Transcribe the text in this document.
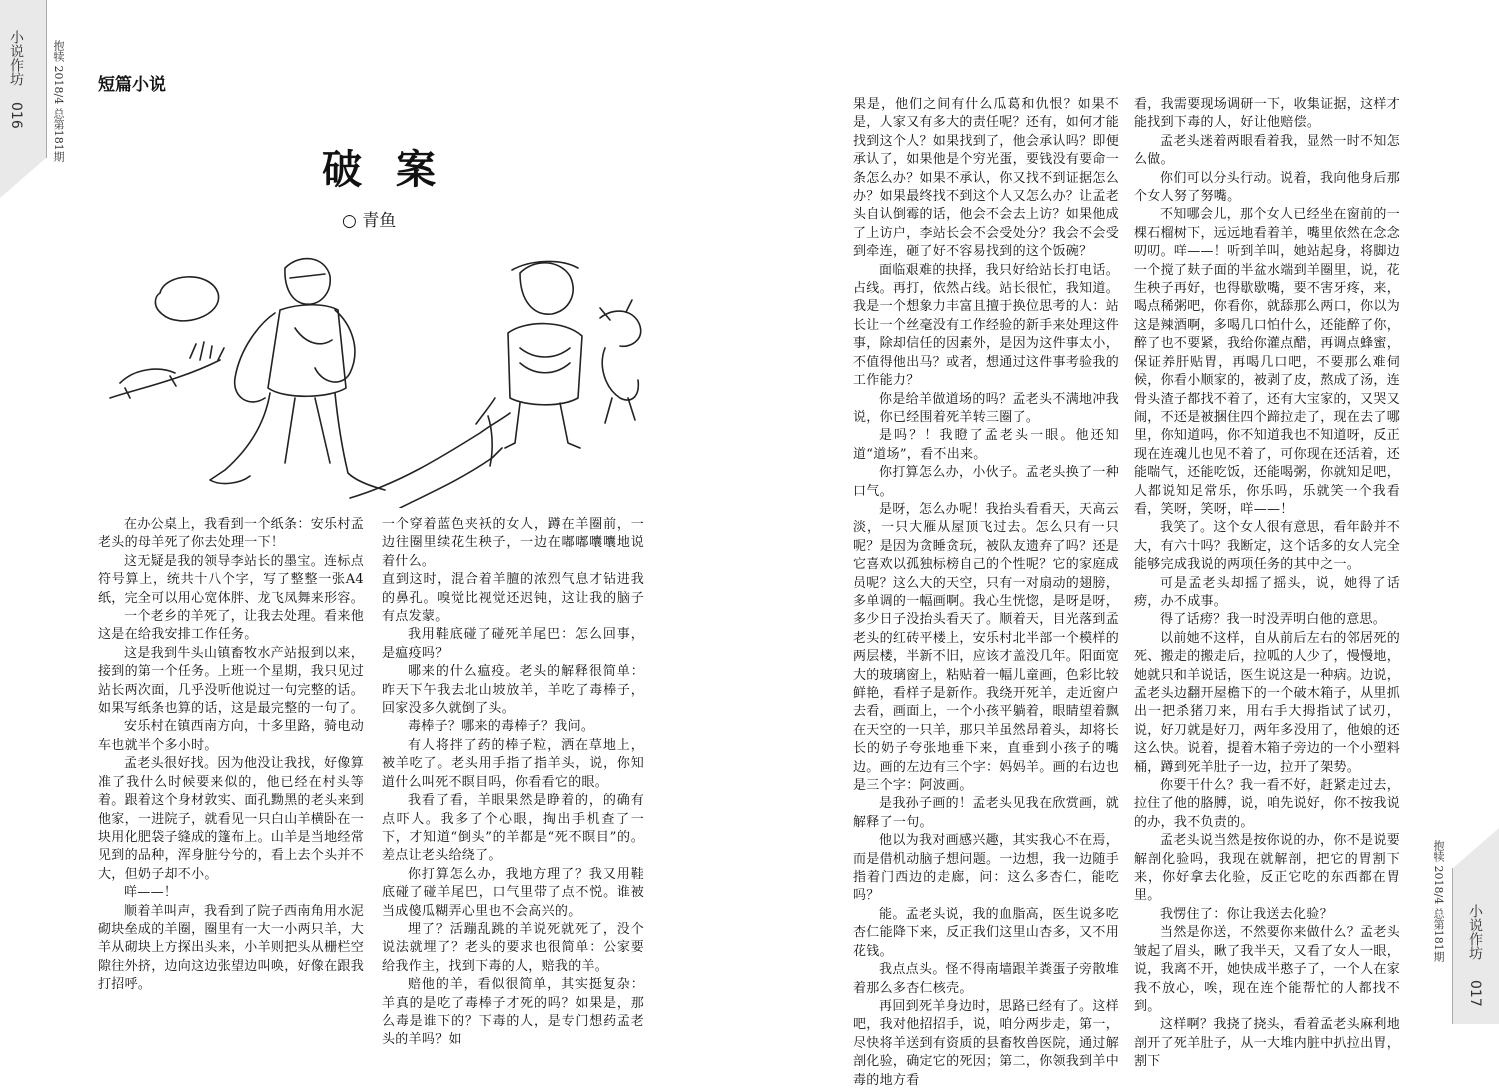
小说作坊
016	抱犊 2018/4 总第181期 短篇小说
破案
○ 青鱼

在办公桌上，我看到一个纸条：安乐村孟老头的母羊死了你去处理一下！

这无疑是我的领导李站长的墨宝。连标点符号算上，统共十八个字，写了整整一张A4纸，完全可以用心宽体胖、龙飞凤舞来形容。

一个老乡的羊死了，让我去处理。看来他这是在给我安排工作任务。

这是我到牛头山镇畜牧水产站报到以来，接到的第一个任务。上班一个星期，我只见过站长两次面，几乎没听他说过一句完整的话。如果写纸条也算的话，这是最完整的一句了。

安乐村在镇西南方向，十多里路，骑电动车也就半个多小时。

孟老头很好找。因为他没让我找，好像算准了我什么时候要来似的，他已经在村头等着。跟着这个身材敦实、面孔黝黑的老头来到他家，一进院子，就看见一只白山羊横卧在一块用化肥袋子缝成的篷布上。山羊是当地经常见到的品种，浑身脏兮兮的，看上去个头并不大，但奶子却不小。

咩——！

顺着羊叫声，我看到了院子西南角用水泥砌块垒成的羊圈，圈里有一大一小两只羊，大羊从砌块上方探出头来，小羊则把头从栅栏空隙往外挤，边向这边张望边叫唤，好像在跟我打招呼。

一个穿着蓝色夹袄的女人，蹲在羊圈前，一边往圈里续花生秧子，一边在嘟嘟囔囔地说着什么。

直到这时，混合着羊膻的浓烈气息才钻进我的鼻孔。嗅觉比视觉还迟钝，这让我的脑子有点发蒙。

我用鞋底碰了碰死羊尾巴：怎么回事，是瘟疫吗？

哪来的什么瘟疫。老头的解释很简单：昨天下午我去北山坡放羊，羊吃了毒棒子，回家没多久就倒了头。

毒棒子？哪来的毒棒子？我问。

有人将拌了药的棒子粒，洒在草地上，被羊吃了。老头用手指了指羊头，说，你知道什么叫死不瞑目吗，你看看它的眼。

我看了看，羊眼果然是睁着的，的确有点吓人。我多了个心眼，掏出手机查了一下，才知道“倒头”的羊都是“死不瞑目”的。差点让老头给绕了。

你打算怎么办，我地方理了？我又用鞋底碰了碰羊尾巴，口气里带了点不悦。谁被当成傻瓜糊弄心里也不会高兴的。

埋了？活蹦乱跳的羊说死就死了，没个说法就埋了？老头的要求也很简单：公家要给我作主，找到下毒的人，赔我的羊。

赔他的羊，看似很简单，其实挺复杂：羊真的是吃了毒棒子才死的吗？如果是，那么毒是谁下的？下毒的人，是专门想药孟老头的羊吗？如

果是，他们之间有什么瓜葛和仇恨？如果不是，人家又有多大的责任呢？还有，如何才能找到这个人？如果找到了，他会承认吗？即便承认了，如果他是个穷光蛋，要钱没有要命一条怎么办？如果不承认，你又找不到证据怎么办？如果最终找不到这个人又怎么办？让孟老头自认倒霉的话，他会不会去上访？如果他成了上访户，李站长会不会受处分？我会不会受到牵连，砸了好不容易找到的这个饭碗？

面临艰难的抉择，我只好给站长打电话。占线。再打，依然占线。站长很忙，我知道。我是一个想象力丰富且擅于换位思考的人：站长让一个丝毫没有工作经验的新手来处理这件事，除却信任的因素外，是因为这件事太小，不值得他出马？或者，想通过这件事考验我的工作能力？

你是给羊做道场的吗？孟老头不满地冲我说，你已经围着死羊转三圈了。

是吗？！我瞪了孟老头一眼。他还知道“道场”，看不出来。

你打算怎么办，小伙子。孟老头换了一种口气。

是呀，怎么办呢！我抬头看看天，天高云淡，一只大雁从屋顶飞过去。怎么只有一只呢？是因为贪睡贪玩，被队友遗弃了吗？还是它喜欢以孤独标榜自己的个性呢？它的家庭成员呢？这么大的天空，只有一对扇动的翅膀，多单调的一幅画啊。我心生恍惚，是呀是呀，多少日子没抬头看天了。顺着天，目光落到孟老头的红砖平楼上，安乐村北半部一个模样的两层楼，半新不旧，应该才盖没几年。阳面宽大的玻璃窗上，粘贴着一幅儿童画，色彩比较鲜艳，看样子是新作。我绕开死羊，走近窗户去看，画面上，一个小孩平躺着，眼睛望着飘在天空的一只羊，那只羊虽然昂着头，却将长长的奶子夸张地垂下来，直垂到小孩子的嘴边。画的左边有三个字：妈妈羊。画的右边也是三个字：阿波画。

是我孙子画的！孟老头见我在欣赏画，就解释了一句。

他以为我对画感兴趣，其实我心不在焉，而是借机动脑子想问题。一边想，我一边随手指着门西边的走廊，问：这么多杏仁，能吃吗？

能。孟老头说，我的血脂高，医生说多吃杏仁能降下来，反正我们这里山杏多，又不用花钱。

我点点头。怪不得南墙跟羊粪蛋子旁散堆着那么多杏仁核壳。

再回到死羊身边时，思路已经有了。这样吧，我对他招招手，说，咱分两步走，第一，尽快将羊送到有资质的县畜牧兽医院，通过解剖化验，确定它的死因；第二，你领我到羊中毒的地方看

看，我需要现场调研一下，收集证据，这样才能找到下毒的人，好让他赔偿。

孟老头迷着两眼看着我，显然一时不知怎么做。

你们可以分头行动。说着，我向他身后那个女人努了努嘴。

不知哪会儿，那个女人已经坐在窗前的一棵石榴树下，远远地看着羊，嘴里依然在念念叨叨。咩——！听到羊叫，她站起身，将脚边一个搅了麸子面的半盆水端到羊圈里，说，花生秧子再好，也得歇歇嘴，要不害牙疼，来，喝点稀粥吧，你看你，就舔那么两口，你以为这是辣酒啊，多喝几口怕什么，还能醉了你，醉了也不要紧，我给你灌点醋，再调点蜂蜜，保证养肝贴胃，再喝几口吧，不要那么难伺候，你看小顺家的，被剥了皮，熬成了汤，连骨头渣子都找不着了，还有大宝家的，又哭又闹，不还是被捆住四个蹄拉走了，现在去了哪里，你知道吗，你不知道我也不知道呀，反正现在连魂儿也见不着了，可你现在还活着，还能喘气，还能吃饭，还能喝粥，你就知足吧，人都说知足常乐，你乐吗，乐就笑一个我看看，笑呀，笑呀，咩——！

我笑了。这个女人很有意思，看年龄并不大，有六十吗？我断定，这个话多的女人完全能够完成我说的两项任务的其中之一。

可是孟老头却摇了摇头，说，她得了话痨，办不成事。

得了话痨？我一时没弄明白他的意思。

以前她不这样，自从前后左右的邻居死的死、搬走的搬走后，拉呱的人少了，慢慢地，她就只和羊说话，医生说这是一种病。边说，孟老头边翻开屋檐下的一个破木箱子，从里抓出一把杀猪刀来，用右手大拇指试了试刃，说，好刀就是好刀，两年多没用了，他娘的还这么快。说着，提着木箱子旁边的一个小塑料桶，蹲到死羊肚子一边，拉开了架势。

你要干什么？我一看不好，赶紧走过去，拉住了他的胳膊，说，咱先说好，你不按我说的办，我不负责的。

孟老头说当然是按你说的办，你不是说要解剖化验吗，我现在就解剖，把它的胃割下来，你好拿去化验，反正它吃的东西都在胃里。

我愣住了：你让我送去化验？

当然是你送，不然要你来做什么？孟老头皱起了眉头，瞅了我半天，又看了女人一眼，说，我离不开，她快成半憨子了，一个人在家我不放心，唉，现在连个能帮忙的人都找不到。

这样啊？我挠了挠头，看着孟老头麻利地剖开了死羊肚子，从一大堆内脏中扒拉出胃，割下

抱犊 2018/4 总第181期 小说作坊
017
